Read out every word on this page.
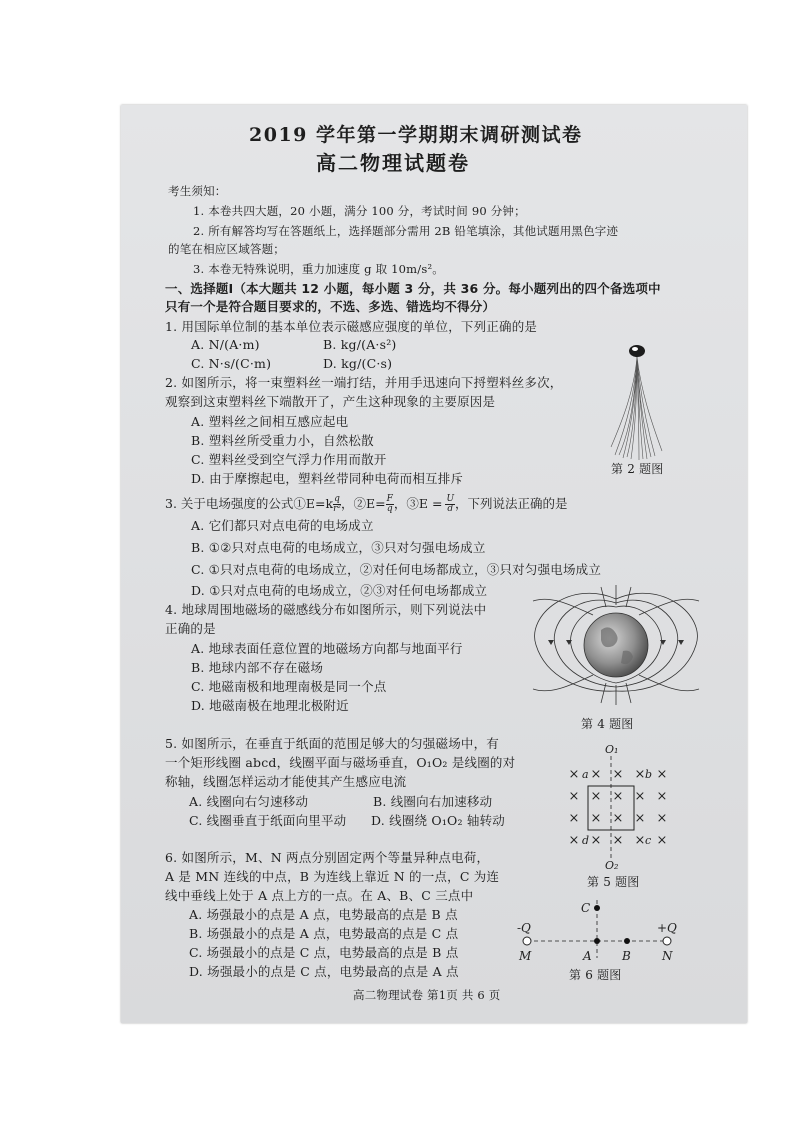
2019 学年第一学期期末调研测试卷
高二物理试题卷
考生须知：
1. 本卷共四大题，20 小题，满分 100 分，考试时间 90 分钟；
2. 所有解答均写在答题纸上，选择题部分需用 2B 铅笔填涂，其他试题用黑色字迹
的笔在相应区域答题；
3. 本卷无特殊说明，重力加速度 g 取 10m/s²。
一、选择题Ⅰ（本大题共 12 小题，每小题 3 分，共 36 分。每小题列出的四个备选项中
只有一个是符合题目要求的，不选、多选、错选均不得分）
1. 用国际单位制的基本单位表示磁感应强度的单位，下列正确的是
A. N/(A·m)	B. kg/(A·s²)
C. N·s/(C·m)	D. kg/(C·s)
2. 如图所示，将一束塑料丝一端打结，并用手迅速向下捋塑料丝多次，
观察到这束塑料丝下端散开了，产生这种现象的主要原因是
A. 塑料丝之间相互感应起电
B. 塑料丝所受重力小，自然松散
C. 塑料丝受到空气浮力作用而散开
D. 由于摩擦起电，塑料丝带同种电荷而相互排斥
第 2 题图
3. 关于电场强度的公式①E=k $\frac{q}{\text{r²}}$ ，②E= $\frac{F}{q}$ ，③E = $\frac{U}{d}$ ，下列说法正确的是
A. 它们都只对点电荷的电场成立
B. ①②只对点电荷的电场成立，③只对匀强电场成立
C. ①只对点电荷的电场成立，②对任何电场都成立，③只对匀强电场成立
D. ①只对点电荷的电场成立，②③对任何电场都成立
4. 地球周围地磁场的磁感线分布如图所示，则下列说法中
正确的是
A. 地球表面任意位置的地磁场方向都与地面平行
B. 地球内部不存在磁场
C. 地磁南极和地理南极是同一个点
D. 地磁南极在地理北极附近
第 4 题图
5. 如图所示，在垂直于纸面的范围足够大的匀强磁场中，有
一个矩形线圈 abcd，线圈平面与磁场垂直，O₁O₂ 是线圈的对
称轴，线圈怎样运动才能使其产生感应电流
A. 线圈向右匀速移动	B. 线圈向右加速移动
C. 线圈垂直于纸面向里平动 D. 线圈绕 O₁O₂ 轴转动
× × × × ×
× × × × ×
× × × × ×
× × × × ×
O₁
O₂
a	b
d	c
第 5 题图
6. 如图所示，M、N 两点分别固定两个等量异种点电荷，
A 是 MN 连线的中点，B 为连线上靠近 N 的一点，C 为连
线中垂线上处于 A 点上方的一点。在 A、B、C 三点中
A. 场强最小的点是 A 点，电势最高的点是 B 点
B. 场强最小的点是 A 点，电势最高的点是 C 点
C. 场强最小的点是 C 点，电势最高的点是 B 点
D. 场强最小的点是 C 点，电势最高的点是 A 点
C
-Q	+Q
M	A	B	N
第 6 题图
高二物理试卷 第1页 共 6 页
